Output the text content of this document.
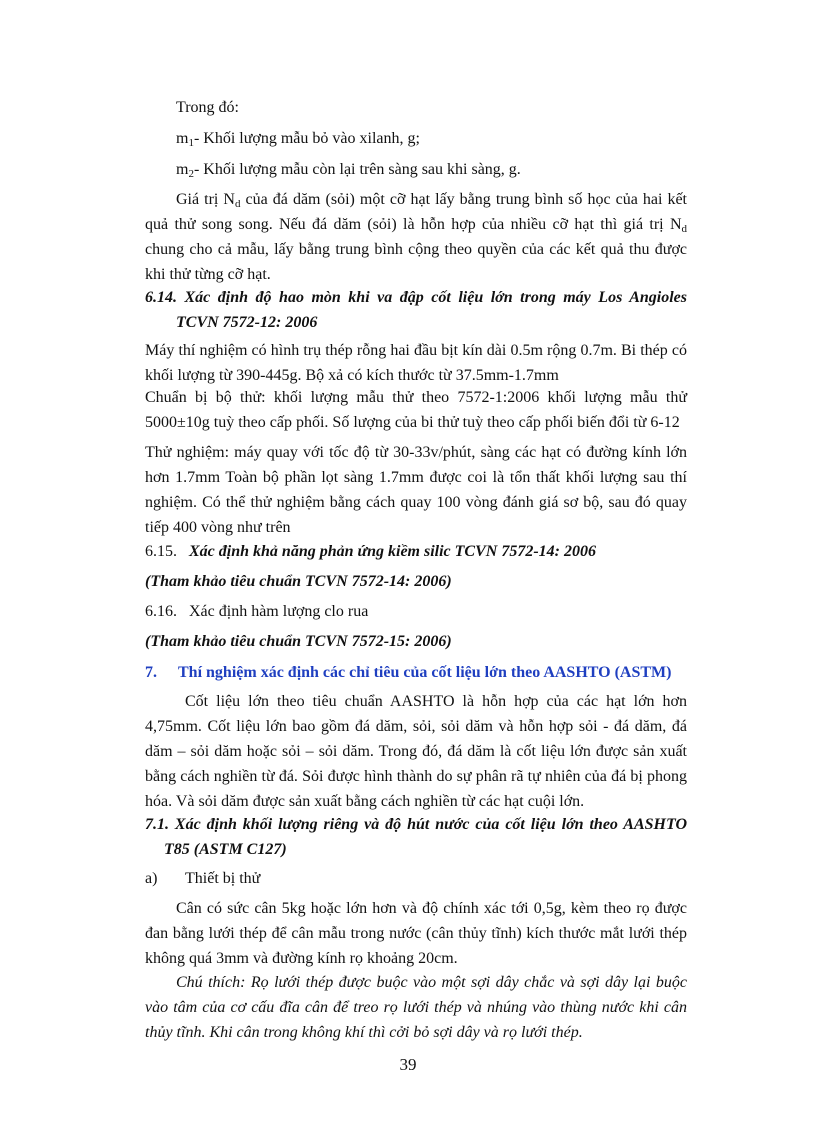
Trong đó:

$m_1-$ Khối lượng mẫu bỏ vào xilanh, g;

$m_2-$ Khối lượng mẫu còn lại trên sàng sau khi sàng, g.

Giá trị $N_d$ của đá dăm (sỏi) một cỡ hạt lấy bằng trung bình số học của hai kết
quả thử song song. Nếu đá dăm (sỏi) là hỗn hợp của nhiều cỡ hạt thì giá trị $N_d$
chung cho cả mẫu, lấy bằng trung bình cộng theo quyền của các kết quả thu được
khi thử từng cỡ hạt.
6.14. Xác định độ hao mòn khi va đập cốt liệu lớn trong máy Los Angioles
TCVN 7572-12: 2006
Máy thí nghiệm có hình trụ thép rỗng hai đầu bịt kín dài 0.5m rộng 0.7m. Bi thép có
khối lượng từ 390-445g. Bộ xả có kích thước từ 37.5mm-1.7mm
Chuẩn bị bộ thử: khối lượng mẫu thử theo 7572-1:2006 khối lượng mẫu thử
5000±10g tuỳ theo cấp phối. Số lượng của bi thử tuỳ theo cấp phối biến đổi từ 6-12
Thử nghiệm: máy quay với tốc độ từ 30-33v/phút, sàng các hạt có đường kính lớn
hơn 1.7mm Toàn bộ phần lọt sàng 1.7mm được coi là tổn thất khối lượng sau thí
nghiệm. Có thể thử nghiệm bằng cách quay 100 vòng đánh giá sơ bộ, sau đó quay
tiếp 400 vòng như trên

6.15. Xác định khả năng phản ứng kiềm silic TCVN 7572-14: 2006

(Tham khảo tiêu chuẩn TCVN 7572-14: 2006)

6.16. Xác định hàm lượng clo rua

(Tham khảo tiêu chuẩn TCVN 7572-15: 2006)

7. Thí nghiệm xác định các chỉ tiêu của cốt liệu lớn theo AASHTO (ASTM)

Cốt liệu lớn theo tiêu chuẩn AASHTO là hỗn hợp của các hạt lớn hơn
4,75mm. Cốt liệu lớn bao gồm đá dăm, sỏi, sỏi dăm và hỗn hợp sỏi - đá dăm, đá
dăm – sỏi dăm hoặc sỏi – sỏi dăm. Trong đó, đá dăm là cốt liệu lớn được sản xuất
bằng cách nghiền từ đá. Sỏi được hình thành do sự phân rã tự nhiên của đá bị phong
hóa. Và sỏi dăm được sản xuất bằng cách nghiền từ các hạt cuội lớn.
7.1. Xác định khối lượng riêng và độ hút nước của cốt liệu lớn theo AASHTO
T85 (ASTM C127)

a) Thiết bị thử

Cân có sức cân 5kg hoặc lớn hơn và độ chính xác tới 0,5g, kèm theo rọ được
đan bằng lưới thép để cân mẫu trong nước (cân thủy tĩnh) kích thước mắt lưới thép
không quá 3mm và đường kính rọ khoảng 20cm.
Chú thích: Rọ lưới thép được buộc vào một sợi dây chắc và sợi dây lại buộc
vào tâm của cơ cấu đĩa cân để treo rọ lưới thép và nhúng vào thùng nước khi cân
thủy tĩnh. Khi cân trong không khí thì cởi bỏ sợi dây và rọ lưới thép.
39
